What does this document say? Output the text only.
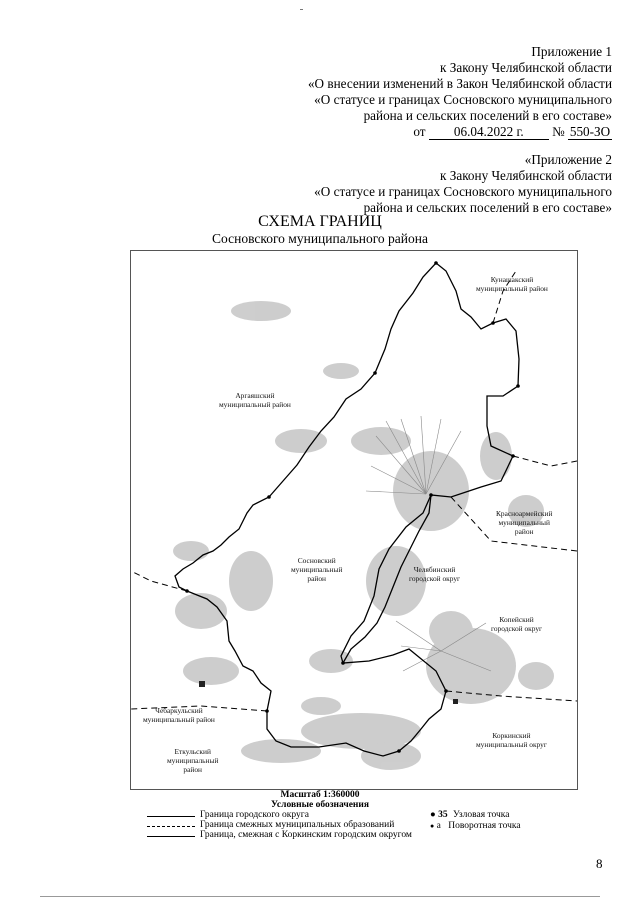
Приложение 1
к Закону Челябинской области
«О внесении изменений в Закон Челябинской области
«О статусе и границах Сосновского муниципального
района и сельских поселений в его составе»
от 06.04.2022 г. № 550-ЗО
«Приложение 2
к Закону Челябинской области
«О статусе и границах Сосновского муниципального
района и сельских поселений в его составе»
СХЕМА ГРАНИЦ
Сосновского муниципального района
Кунашакский
муниципальный район
Аргаяшский
муниципальный район
Красноармейский
муниципальный
район
Сосновский
муниципальный
район
Челябинский
городской округ
Копейский
городской округ
Чебаркульский
муниципальный район
Коркинский
муниципальный округ
Еткульский
муниципальный
район
Масштаб 1:360000
Условные обозначения
Граница городского округа
Граница смежных муниципальных образований
Граница, смежная с Коркинским городским округом
● 35 Узловая точка
● а Поворотная точка
8
